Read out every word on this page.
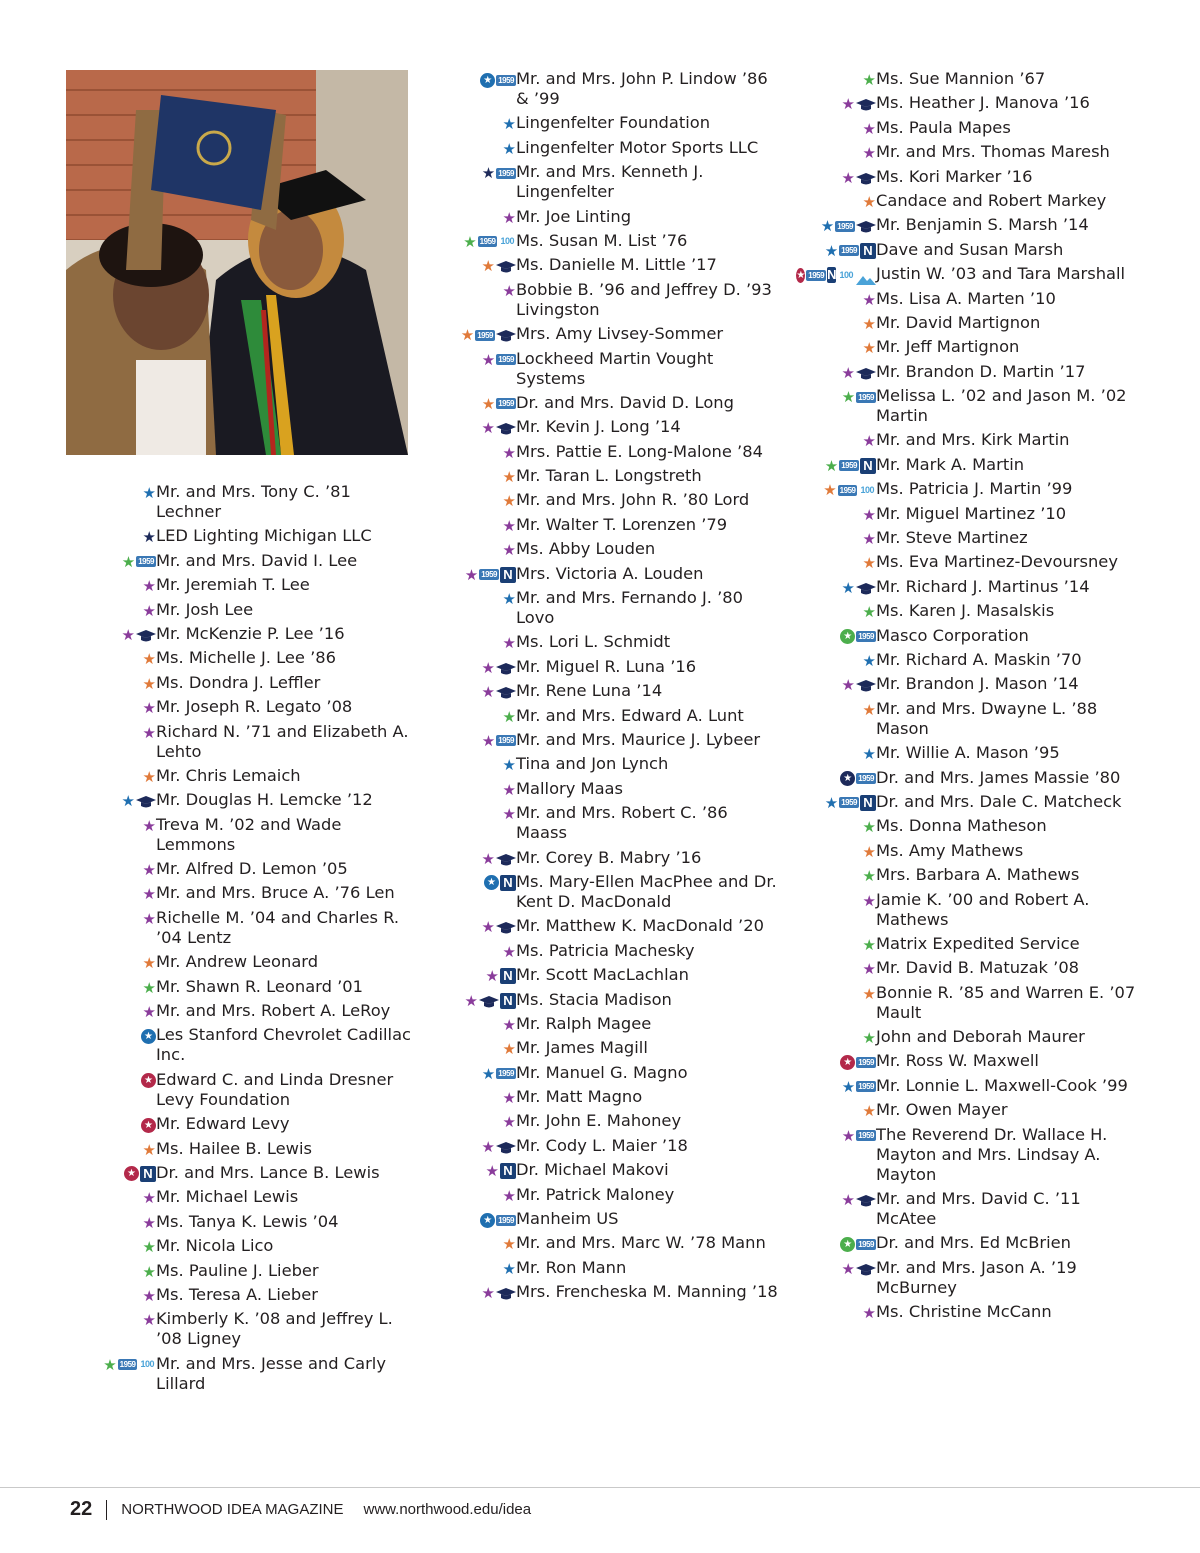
★ Mr. and Mrs. Tony C. ’81 Lechner
★ LED Lighting Michigan LLC
★ 1959 Mr. and Mrs. David I. Lee
★ Mr. Jeremiah T. Lee
★ Mr. Josh Lee
★ Mr. McKenzie P. Lee ’16
★ Ms. Michelle J. Lee ’86
★ Ms. Dondra J. Leffler
★ Mr. Joseph R. Legato ’08
★ Richard N. ’71 and Elizabeth A. Lehto
★ Mr. Chris Lemaich
★ Mr. Douglas H. Lemcke ’12
★ Treva M. ’02 and Wade Lemmons
★ Mr. Alfred D. Lemon ’05
★ Mr. and Mrs. Bruce A. ’76 Len
★ Richelle M. ’04 and Charles R. ’04 Lentz
★ Mr. Andrew Leonard
★ Mr. Shawn R. Leonard ’01
★ Mr. and Mrs. Robert A. LeRoy
★ Les Stanford Chevrolet Cadillac Inc.
★ Edward C. and Linda Dresner Levy Foundation
★ Mr. Edward Levy
★ Ms. Hailee B. Lewis
★ N Dr. and Mrs. Lance B. Lewis
★ Mr. Michael Lewis
★ Ms. Tanya K. Lewis ’04
★ Mr. Nicola Lico
★ Ms. Pauline J. Lieber
★ Ms. Teresa A. Lieber
★ Kimberly K. ’08 and Jeffrey L. ’08 Ligney
★ 1959 100 Mr. and Mrs. Jesse and Carly Lillard
★ 1959 Mr. and Mrs. John P. Lindow ’86 & ’99
★ Lingenfelter Foundation
★ Lingenfelter Motor Sports LLC
★ 1959 Mr. and Mrs. Kenneth J. Lingenfelter
★ Mr. Joe Linting
★ 1959 100 Ms. Susan M. List ’76
★ Ms. Danielle M. Little ’17
★ Bobbie B. ’96 and Jeffrey D. ’93 Livingston
★ 1959 Mrs. Amy Livsey-Sommer
★ 1959 Lockheed Martin Vought Systems
★ 1959 Dr. and Mrs. David D. Long
★ Mr. Kevin J. Long ’14
★ Mrs. Pattie E. Long-Malone ’84
★ Mr. Taran L. Longstreth
★ Mr. and Mrs. John R. ’80 Lord
★ Mr. Walter T. Lorenzen ’79
★ Ms. Abby Louden
★ 1959 N Mrs. Victoria A. Louden
★ Mr. and Mrs. Fernando J. ’80 Lovo
★ Ms. Lori L. Schmidt
★ Mr. Miguel R. Luna ’16
★ Mr. Rene Luna ’14
★ Mr. and Mrs. Edward A. Lunt
★ 1959 Mr. and Mrs. Maurice J. Lybeer
★ Tina and Jon Lynch
★ Mallory Maas
★ Mr. and Mrs. Robert C. ’86 Maass
★ Mr. Corey B. Mabry ’16
★ N Ms. Mary-Ellen MacPhee and Dr. Kent D. MacDonald
★ Mr. Matthew K. MacDonald ’20
★ Ms. Patricia Machesky
★ N Mr. Scott MacLachlan
★ N Ms. Stacia Madison
★ Mr. Ralph Magee
★ Mr. James Magill
★ 1959 Mr. Manuel G. Magno
★ Mr. Matt Magno
★ Mr. John E. Mahoney
★ Mr. Cody L. Maier ’18
★ N Dr. Michael Makovi
★ Mr. Patrick Maloney
★ 1959 Manheim US
★ Mr. and Mrs. Marc W. ’78 Mann
★ Mr. Ron Mann
★ Mrs. Frencheska M. Manning ’18
★ Ms. Sue Mannion ’67
★ Ms. Heather J. Manova ’16
★ Ms. Paula Mapes
★ Mr. and Mrs. Thomas Maresh
★ Ms. Kori Marker ’16
★ Candace and Robert Markey
★ 1959 Mr. Benjamin S. Marsh ’14
★ 1959 N Dave and Susan Marsh
★ 1959 N 100 Justin W. ’03 and Tara Marshall
★ Ms. Lisa A. Marten ’10
★ Mr. David Martignon
★ Mr. Jeff Martignon
★ Mr. Brandon D. Martin ’17
★ 1959 Melissa L. ’02 and Jason M. ’02 Martin
★ Mr. and Mrs. Kirk Martin
★ 1959 N Mr. Mark A. Martin
★ 1959 100 Ms. Patricia J. Martin ’99
★ Mr. Miguel Martinez ’10
★ Mr. Steve Martinez
★ Ms. Eva Martinez-Devoursney
★ Mr. Richard J. Martinus ’14
★ Ms. Karen J. Masalskis
★ 1959 Masco Corporation
★ Mr. Richard A. Maskin ’70
★ Mr. Brandon J. Mason ’14
★ Mr. and Mrs. Dwayne L. ’88 Mason
★ Mr. Willie A. Mason ’95
★ 1959 Dr. and Mrs. James Massie ’80
★ 1959 N Dr. and Mrs. Dale C. Matcheck
★ Ms. Donna Matheson
★ Ms. Amy Mathews
★ Mrs. Barbara A. Mathews
★ Jamie K. ’00 and Robert A. Mathews
★ Matrix Expedited Service
★ Mr. David B. Matuzak ’08
★ Bonnie R. ’85 and Warren E. ’07 Mault
★ John and Deborah Maurer
★ 1959 Mr. Ross W. Maxwell
★ 1959 Mr. Lonnie L. Maxwell-Cook ’99
★ Mr. Owen Mayer
★ 1959 The Reverend Dr. Wallace H. Mayton and Mrs. Lindsay A. Mayton
★ Mr. and Mrs. David C. ’11 McAtee
★ 1959 Dr. and Mrs. Ed McBrien
★ Mr. and Mrs. Jason A. ’19 McBurney
★ Ms. Christine McCann
22 NORTHWOOD IDEA MAGAZINE www.northwood.edu/idea
